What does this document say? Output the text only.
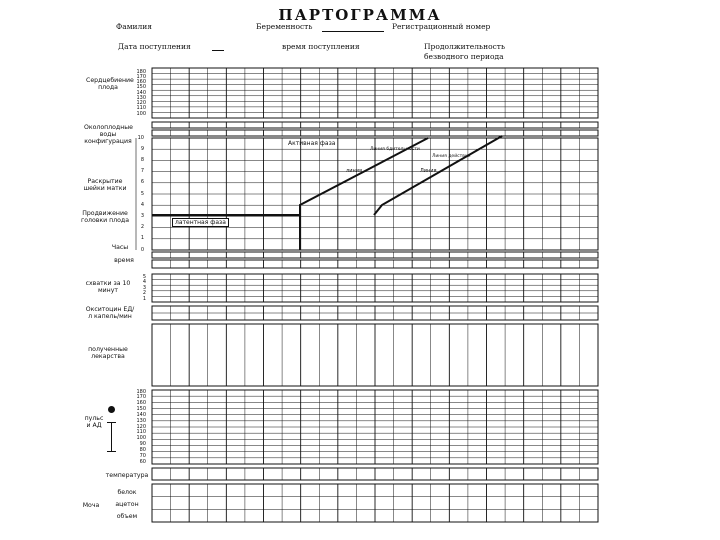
ПАРТОГРАММА
Фамилия	Беременность	Регистрационный номер
Дата поступления	время поступления	Продолжительность
безводного периода
Сердцебиение плода
Околоплодные воды
конфигурация
Раскрытие шейки матки
Продвижение головки плода
Часы
время
схватки за 10 минут
Окситоцин ЕД/л капель/мин
полученные лекарства
пульс и АД
температура
Моча
белок
ацетон
объем
180
170
160
150
140
130
120
110
100
10
9
8
7
6
5
4
3
2
1
0
5
4
3
2
1
180
170
160
150
140
130
120
110
100
90
80
70
60
Активная фаза
латентная фаза
Линия бдительности
Линия действия
линия	Линия
